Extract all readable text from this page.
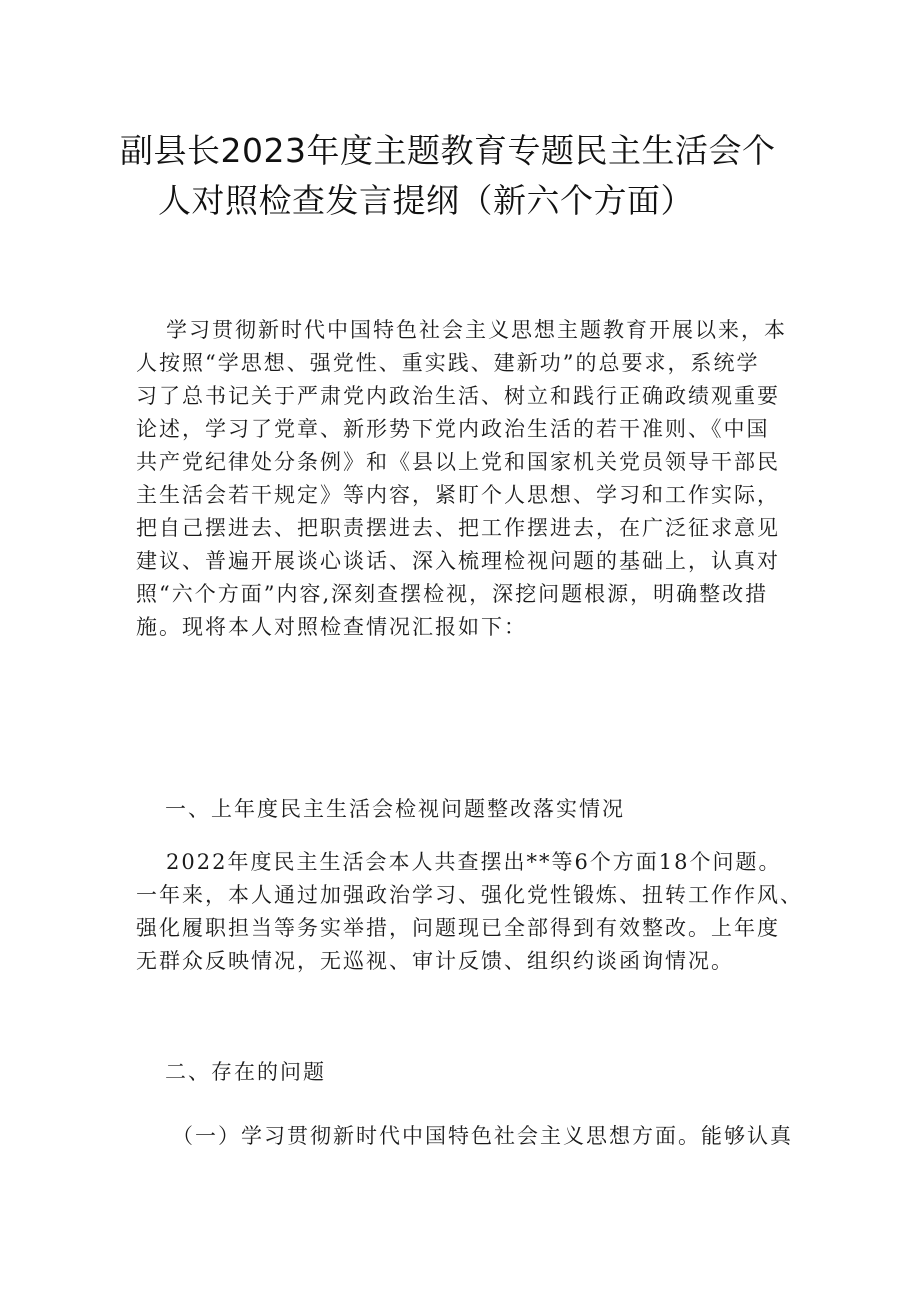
副县长2023年度主题教育专题民主生活会个
人对照检查发言提纲（新六个方面）
学习贯彻新时代中国特色社会主义思想主题教育开展以来，本
人按照“学思想、强党性、重实践、建新功”的总要求，系统学
习了总书记关于严肃党内政治生活、树立和践行正确政绩观重要
论述，学习了党章、新形势下党内政治生活的若干准则、《中国
共产党纪律处分条例》和《县以上党和国家机关党员领导干部民
主生活会若干规定》等内容，紧盯个人思想、学习和工作实际，
把自己摆进去、把职责摆进去、把工作摆进去，在广泛征求意见
建议、普遍开展谈心谈话、深入梳理检视问题的基础上，认真对
照“六个方面”内容,深刻查摆检视，深挖问题根源，明确整改措
施。现将本人对照检查情况汇报如下：
一、上年度民主生活会检视问题整改落实情况
2022年度民主生活会本人共查摆出**等6个方面18个问题。
一年来，本人通过加强政治学习、强化党性锻炼、扭转工作作风、
强化履职担当等务实举措，问题现已全部得到有效整改。上年度
无群众反映情况，无巡视、审计反馈、组织约谈函询情况。
二、存在的问题
（一）学习贯彻新时代中国特色社会主义思想方面。能够认真
